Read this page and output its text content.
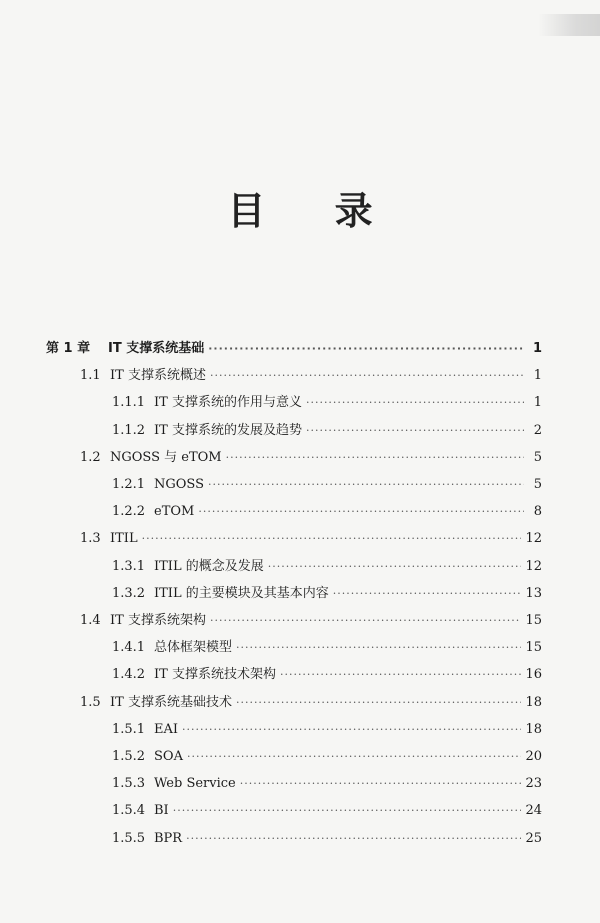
目 录
第 1 章	IT 支撑系统基础 ·····	1
1.1 IT 支撑系统概述 ·····	1
1.1.1 IT 支撑系统的作用与意义 ·····	1
1.1.2 IT 支撑系统的发展及趋势 ·····	2
1.2 NGOSS 与 eTOM ·····	5
1.2.1 NGOSS ·····	5
1.2.2 eTOM ·····	8
1.3 ITIL ·····	12
1.3.1 ITIL 的概念及发展 ·····	12
1.3.2 ITIL 的主要模块及其基本内容 ·····	13
1.4 IT 支撑系统架构 ·····	15
1.4.1 总体框架模型 ·····	15
1.4.2 IT 支撑系统技术架构 ·····	16
1.5 IT 支撑系统基础技术 ·····	18
1.5.1 EAI ·····	18
1.5.2 SOA ·····	20
1.5.3 Web Service ·····	23
1.5.4 BI ·····	24
1.5.5 BPR ·····	25
